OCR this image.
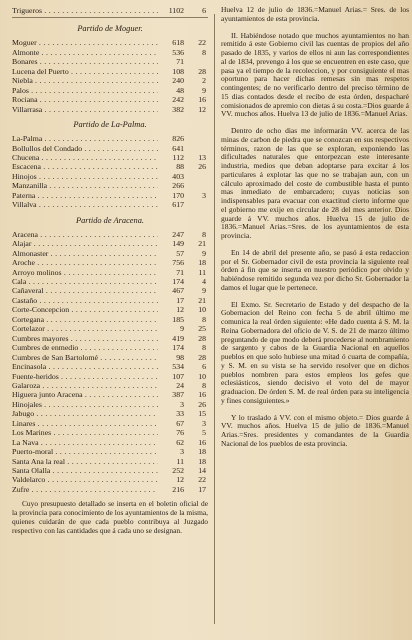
Trigueros . . .	1102	6
Partido de Moguer.
Moguer . . .	618	22
Almonte . . .	536	8
Bonares . . .	71
Lucena del Puerto . . .	108	28
Niebla . . .	240	2
Palos . . .	48	9
Rociana . . .	242	16
Villarrasa . . .	382	12
Partido de La-Palma.
La-Palma . . .	826
Bollullos del Condado . . .	641
Chucena . . .	112	13
Escacena . . .	88	26
Hinojos . . .	403
Manzanilla . . .	266
Paterna . . .	170	3
Villalva . . .	617
Partido de Aracena.
Aracena . . .	247	8
Alajar . . .	149	21
Almonaster . . .	57	9
Aroche . . .	756	18
Arroyo molinos . . .	71	11
Cala . . .	174	4
Cañaveral . . .	467	9
Castaño . . .	17	21
Corte-Concepcion . . .	12	10
Cortegana . . .	185	8
Cortelazor . . .	9	25
Cumbres mayores . . .	419	28
Cumbres de enmedio . . .	174	8
Cumbres de San Bartolomé . . .	98	28
Encinasola . . .	534	6
Fuente-heridos . . .	107	10
Galaroza . . .	24	8
Higuera junto Aracena . . .	387	16
Hinojales . . .	3	26
Jabugo . . .	33	15
Linares . . .	67	3
Los Marines . . .	76	5
La Nava . . .	62	16
Puerto-moral . . .	3	18
Santa Ana la real . . .	11	18
Santa Olalla . . .	252	14
Valdelarco . . .	12	22
Zufre . . .	216	17

Cuyo presupuesto detallado se inserta en el boletin oficial de la provincia para conocimiento de los ayuntamientos de la misma, quienes cuidarán de que cada pueblo contribuya al Juzgado respectivo con las cantidades que á cada uno se designan.

Huelva 12 de julio de 1836.=Manuel Arias.= Sres. de los ayuntamientos de esta provincia.

II. Habiéndose notado que muchos ayuntamientos no han remitido á este Gobierno civil las cuentas de propios del año pasado de 1835, y varios de ellos ni aun las correspondientes al de 1834, prevengo á los que se encuentren en este caso, que pasa ya el tiempo de la recoleccion, y por consiguiente el mas oportuno para hacer dichas remesas sin mas respetos contingentes; de no verificarlo dentro del preciso término de 15 dias contados desde el recibo de esta órden, despacharé comisionados de apremio con dietas á su costa.=Dios guarde á VV. muchos años. Huelva 13 de julio de 1836.=Manuel Arias.

Dentro de ocho dias me informarán VV. acerca de las minas de carbon de piedra que se conozcan en sus respectivos términos, razon de las que se exploran, exponiendo las dificultades naturales que entorpezcan este interesante industria, medios que deban adoptarse para excitar á los particulares á explotar las que no se trabajan aun, con un cálculo aproximado del coste de combustible hasta el punto mas inmediato de embarcadero; cuyas noticias son indispensables para evacuar con exactitud cierto informe que el gobierno me exije en circular de 28 del mes anterior. Dios guarde á VV. muchos años. Huelva 15 de julio de 1836.=Manuel Arias.=Sres. de los ayuntamientos de esta provincia.

En 14 de abril del presente año, se pasó á esta redaccion por el Sr. Gobernador civil de esta provincia la siguiente real órden á fin que se inserta en nuestro periódico por olvido y habiéndose remitido segunda vez por dicho Sr. Gobernador la damos el lugar que le pertenece.

El Exmo. Sr. Secretario de Estado y del despacho de la Gobernacion del Reino con fecha 5 de abril último me comunica la real órden siguiente: «He dado cuenta á S. M. la Reina Gobernadora del oficio de V. S. de 21 de marzo último preguntando de que modo deberá procederse al nombramiento de sargento y cabos de la Guardia Nacional en aquellos pueblos en que solo hubiese una mitad ó cuarta de compañía, y S. M. en su vista se ha servido resolver que en dichos pueblos nombren para estos empleos los gefes que eclesiásticos, siendo decisivo el voto del de mayor graduacion. De órden S. M. de real órden para su inteligencia y fines consiguientes.»

Y lo traslado á VV. con el mismo objeto.= Dios guarde á VV. muchos años. Huelva 15 de julio de 1836.=Manuel Arias.=Sres. presidentes y comandantes de la Guardia Nacional de los pueblos de esta provincia.
